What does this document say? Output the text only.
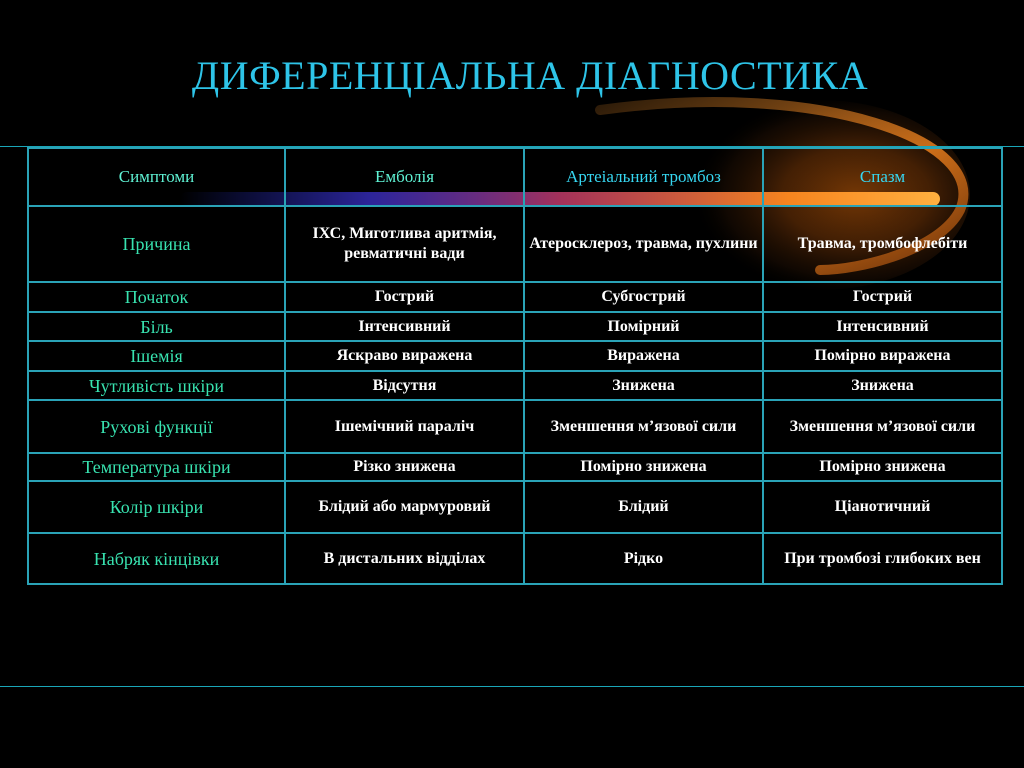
ДИФЕРЕНЦІАЛЬНА ДІАГНОСТИКА
Симптоми	Емболія	Артеіальний тромбоз	Спазм
Причина	ІХС, Миготлива аритмія, ревматичні вади	Атеросклероз, травма, пухлини	Травма, тромбофлебіти
Початок	Гострий	Субгострий	Гострий
Біль	Інтенсивний	Помірний	Інтенсивний
Ішемія	Яскраво виражена	Виражена	Помірно виражена
Чутливість шкіри	Відсутня	Знижена	Знижена
Рухові функції	Ішемічний параліч	Зменшення м’язової сили	Зменшення м’язової сили
Температура шкіри	Різко знижена	Помірно знижена	Помірно знижена
Колір шкіри	Блідий або мармуровий	Блідий	Ціанотичний
Набряк кінцівки	В дистальних відділах	Рідко	При тромбозі глибоких вен
